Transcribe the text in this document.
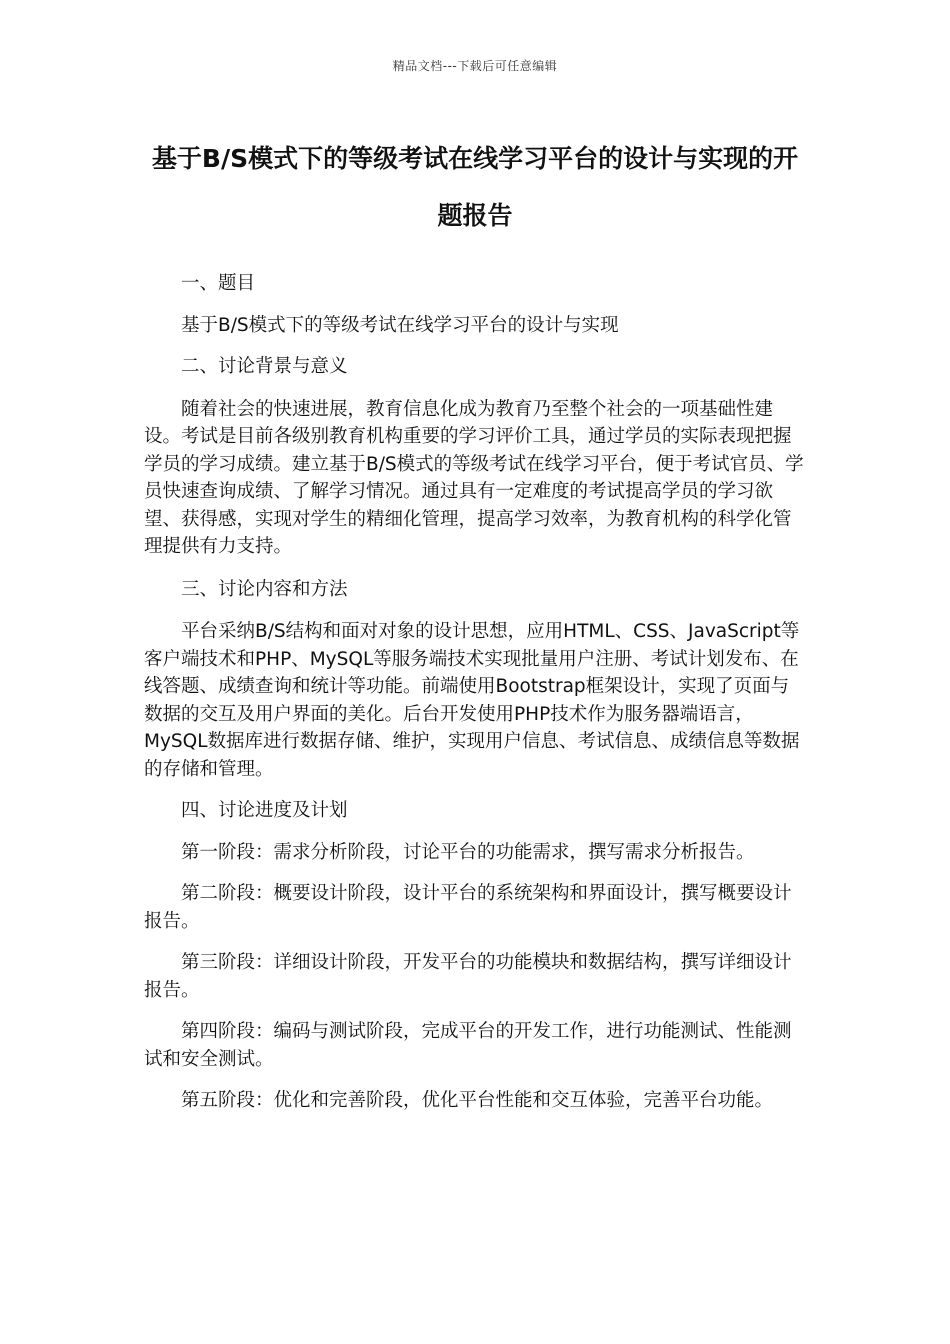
精品文档---下载后可任意编辑
基于B/S模式下的等级考试在线学习平台的设计与实现的开题报告

一、题目

基于B/S模式下的等级考试在线学习平台的设计与实现

二、讨论背景与意义

随着社会的快速进展，教育信息化成为教育乃至整个社会的一项基础性建设。考试是目前各级别教育机构重要的学习评价工具，通过学员的实际表现把握学员的学习成绩。建立基于B/S模式的等级考试在线学习平台，便于考试官员、学员快速查询成绩、了解学习情况。通过具有一定难度的考试提高学员的学习欲望、获得感，实现对学生的精细化管理，提高学习效率，为教育机构的科学化管理提供有力支持。

三、讨论内容和方法

平台采纳B/S结构和面对对象的设计思想，应用HTML、CSS、JavaScript等客户端技术和PHP、MySQL等服务端技术实现批量用户注册、考试计划发布、在线答题、成绩查询和统计等功能。前端使用Bootstrap框架设计，实现了页面与数据的交互及用户界面的美化。后台开发使用PHP技术作为服务器端语言，MySQL数据库进行数据存储、维护，实现用户信息、考试信息、成绩信息等数据的存储和管理。

四、讨论进度及计划

第一阶段：需求分析阶段，讨论平台的功能需求，撰写需求分析报告。

第二阶段：概要设计阶段，设计平台的系统架构和界面设计，撰写概要设计报告。

第三阶段：详细设计阶段，开发平台的功能模块和数据结构，撰写详细设计报告。

第四阶段：编码与测试阶段，完成平台的开发工作，进行功能测试、性能测试和安全测试。

第五阶段：优化和完善阶段，优化平台性能和交互体验，完善平台功能。
